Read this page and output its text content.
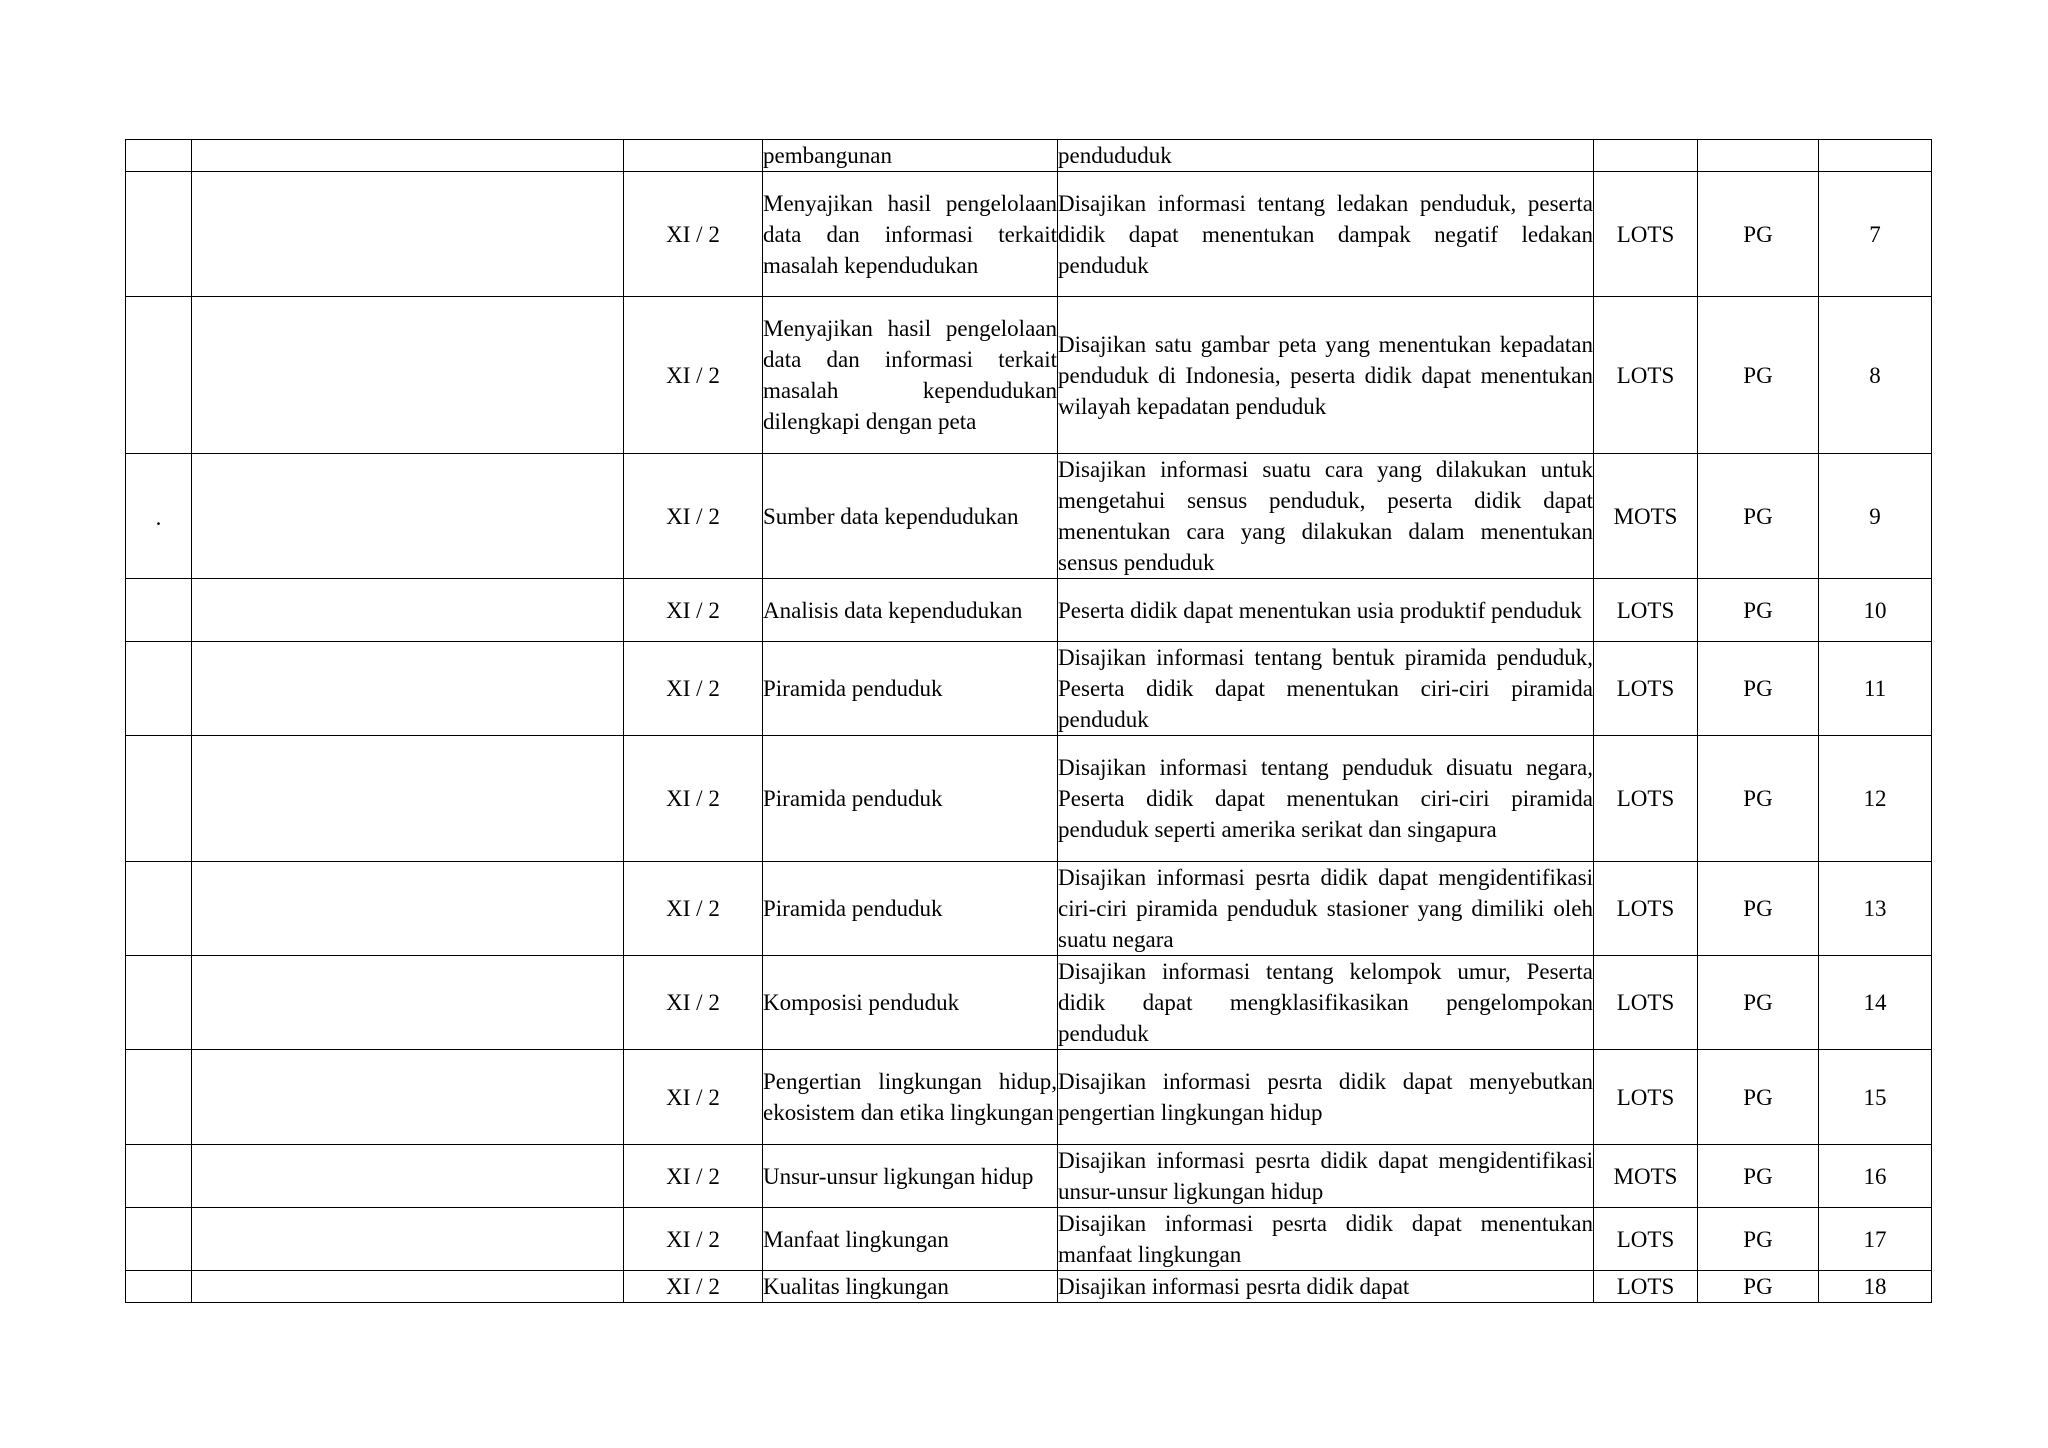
			pembangunan	pendududuk			
		XI / 2	Menyajikan hasil pengelolaan data dan informasi terkait masalah kependudukan	Disajikan informasi tentang ledakan penduduk, peserta didik dapat menentukan dampak negatif ledakan penduduk	LOTS	PG	7
		XI / 2	Menyajikan hasil pengelolaan data dan informasi terkait masalah kependudukan dilengkapi dengan peta	Disajikan satu gambar peta yang menentukan kepadatan penduduk di Indonesia, peserta didik dapat menentukan wilayah kepadatan penduduk	LOTS	PG	8
.		XI / 2	Sumber data kependudukan	Disajikan informasi suatu cara yang dilakukan untuk mengetahui sensus penduduk, peserta didik dapat menentukan cara yang dilakukan dalam menentukan sensus penduduk	MOTS	PG	9
		XI / 2	Analisis data kependudukan	Peserta didik dapat menentukan usia produktif penduduk	LOTS	PG	10
		XI / 2	Piramida penduduk	Disajikan informasi tentang bentuk piramida penduduk, Peserta didik dapat menentukan ciri-ciri piramida penduduk	LOTS	PG	11
		XI / 2	Piramida penduduk	Disajikan informasi tentang penduduk disuatu negara, Peserta didik dapat menentukan ciri-ciri piramida penduduk seperti amerika serikat dan singapura	LOTS	PG	12
		XI / 2	Piramida penduduk	Disajikan informasi pesrta didik dapat mengidentifikasi ciri-ciri piramida penduduk stasioner yang dimiliki oleh suatu negara	LOTS	PG	13
		XI / 2	Komposisi penduduk	Disajikan informasi tentang kelompok umur, Peserta didik dapat mengklasifikasikan pengelompokan penduduk	LOTS	PG	14
		XI / 2	Pengertian lingkungan hidup, ekosistem dan etika lingkungan	Disajikan informasi pesrta didik dapat menyebutkan pengertian lingkungan hidup	LOTS	PG	15
		XI / 2	Unsur-unsur ligkungan hidup	Disajikan informasi pesrta didik dapat mengidentifikasi unsur-unsur ligkungan hidup	MOTS	PG	16
		XI / 2	Manfaat lingkungan	Disajikan informasi pesrta didik dapat menentukan manfaat lingkungan	LOTS	PG	17
		XI / 2	Kualitas lingkungan	Disajikan informasi pesrta didik dapat	LOTS	PG	18
